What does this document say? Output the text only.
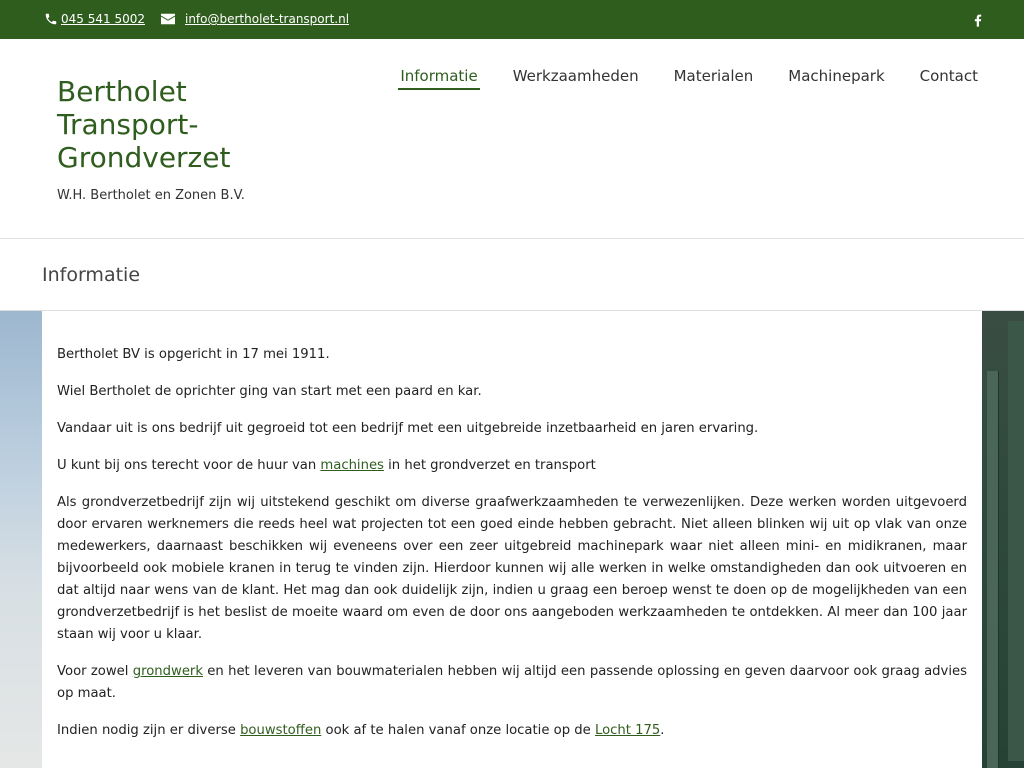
045 541 5002	info@bertholet-transport.nl
Bertholet
Transport-
Grondverzet
W.H. Bertholet en Zonen B.V.
Informatie Werkzaamheden Materialen Machinepark Contact
Informatie

Bertholet BV is opgericht in 17 mei 1911.

Wiel Bertholet de oprichter ging van start met een paard en kar.

Vandaar uit is ons bedrijf uit gegroeid tot een bedrijf met een uitgebreide inzetbaarheid en jaren ervaring.

U kunt bij ons terecht voor de huur van machines in het grondverzet en transport

Als grondverzetbedrijf zijn wij uitstekend geschikt om diverse graafwerkzaamheden te verwezenlijken. Deze werken worden uitgevoerd door ervaren werknemers die reeds heel wat projecten tot een goed einde hebben gebracht. Niet alleen blinken wij uit op vlak van onze medewerkers, daarnaast beschikken wij eveneens over een zeer uitgebreid machinepark waar niet alleen mini- en midikranen, maar bijvoorbeeld ook mobiele kranen in terug te vinden zijn. Hierdoor kunnen wij alle werken in welke omstandigheden dan ook uitvoeren en dat altijd naar wens van de klant. Het mag dan ook duidelijk zijn, indien u graag een beroep wenst te doen op de mogelijkheden van een grondverzetbedrijf is het beslist de moeite waard om even de door ons aangeboden werkzaamheden te ontdekken. Al meer dan 100 jaar staan wij voor u klaar.

Voor zowel grondwerk en het leveren van bouwmaterialen hebben wij altijd een passende oplossing en geven daarvoor ook graag advies op maat.

Indien nodig zijn er diverse bouwstoffen ook af te halen vanaf onze locatie op de Locht 175.
